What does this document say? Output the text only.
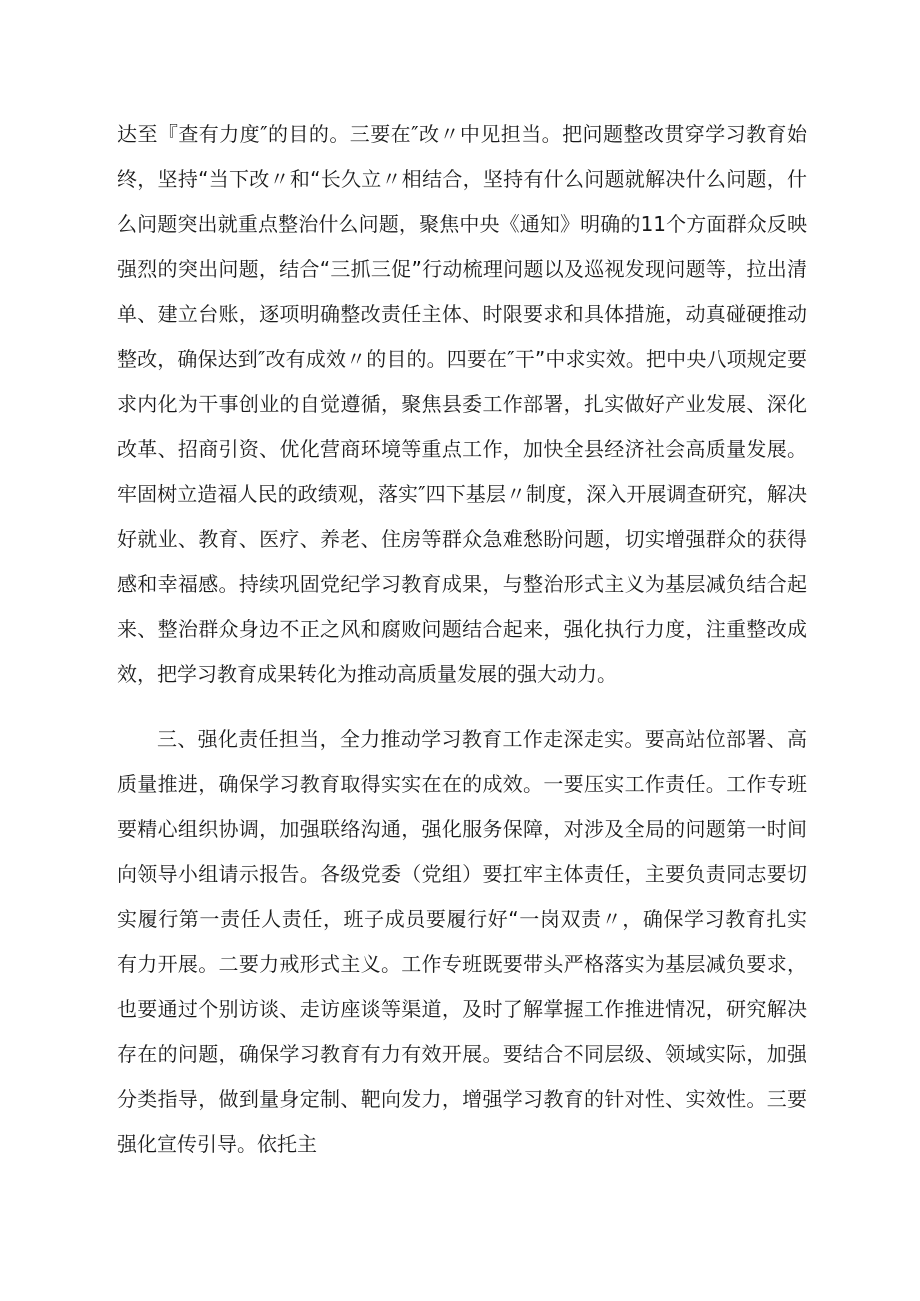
达至『查有力度″的目的。三要在″改〃中见担当。把问题整改贯穿学习教育始终，坚持“当下改〃和“长久立〃相结合，坚持有什么问题就解决什么问题，什么问题突出就重点整治什么问题，聚焦中央《通知》明确的11个方面群众反映强烈的突出问题，结合“三抓三促”行动梳理问题以及巡视发现问题等，拉出清单、建立台账，逐项明确整改责任主体、时限要求和具体措施，动真碰硬推动整改，确保达到″改有成效〃的目的。四要在″干”中求实效。把中央八项规定要求内化为干事创业的自觉遵循，聚焦县委工作部署，扎实做好产业发展、深化改革、招商引资、优化营商环境等重点工作，加快全县经济社会高质量发展。牢固树立造福人民的政绩观，落实″四下基层〃制度，深入开展调查研究，解决好就业、教育、医疗、养老、住房等群众急难愁盼问题，切实增强群众的获得感和幸福感。持续巩固党纪学习教育成果，与整治形式主义为基层减负结合起来、整治群众身边不正之风和腐败问题结合起来，强化执行力度，注重整改成效，把学习教育成果转化为推动高质量发展的强大动力。

三、强化责任担当，全力推动学习教育工作走深走实。要高站位部署、高质量推进，确保学习教育取得实实在在的成效。一要压实工作责任。工作专班要精心组织协调，加强联络沟通，强化服务保障，对涉及全局的问题第一时间向领导小组请示报告。各级党委（党组）要扛牢主体责任，主要负责同志要切实履行第一责任人责任，班子成员要履行好“一岗双责〃，确保学习教育扎实有力开展。二要力戒形式主义。工作专班既要带头严格落实为基层减负要求，也要通过个别访谈、走访座谈等渠道，及时了解掌握工作推进情况，研究解决存在的问题，确保学习教育有力有效开展。要结合不同层级、领域实际，加强分类指导，做到量身定制、靶向发力，增强学习教育的针对性、实效性。三要强化宣传引导。依托主
